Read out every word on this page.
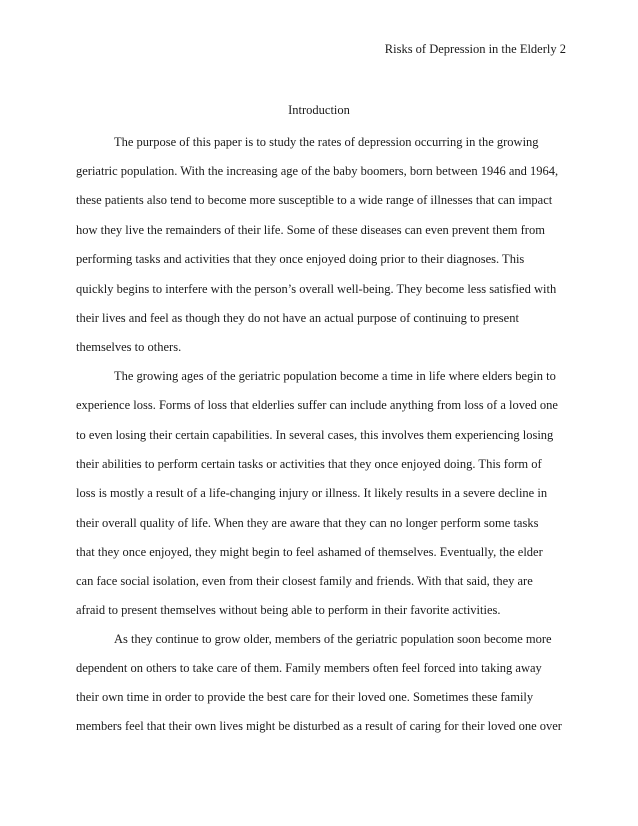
Risks of Depression in the Elderly 2
Introduction
The purpose of this paper is to study the rates of depression occurring in the growing
geriatric population. With the increasing age of the baby boomers, born between 1946 and 1964,
these patients also tend to become more susceptible to a wide range of illnesses that can impact
how they live the remainders of their life. Some of these diseases can even prevent them from
performing tasks and activities that they once enjoyed doing prior to their diagnoses. This
quickly begins to interfere with the person’s overall well-being. They become less satisfied with
their lives and feel as though they do not have an actual purpose of continuing to present
themselves to others.
The growing ages of the geriatric population become a time in life where elders begin to
experience loss. Forms of loss that elderlies suffer can include anything from loss of a loved one
to even losing their certain capabilities. In several cases, this involves them experiencing losing
their abilities to perform certain tasks or activities that they once enjoyed doing. This form of
loss is mostly a result of a life-changing injury or illness. It likely results in a severe decline in
their overall quality of life. When they are aware that they can no longer perform some tasks
that they once enjoyed, they might begin to feel ashamed of themselves. Eventually, the elder
can face social isolation, even from their closest family and friends. With that said, they are
afraid to present themselves without being able to perform in their favorite activities.
As they continue to grow older, members of the geriatric population soon become more
dependent on others to take care of them. Family members often feel forced into taking away
their own time in order to provide the best care for their loved one. Sometimes these family
members feel that their own lives might be disturbed as a result of caring for their loved one over
